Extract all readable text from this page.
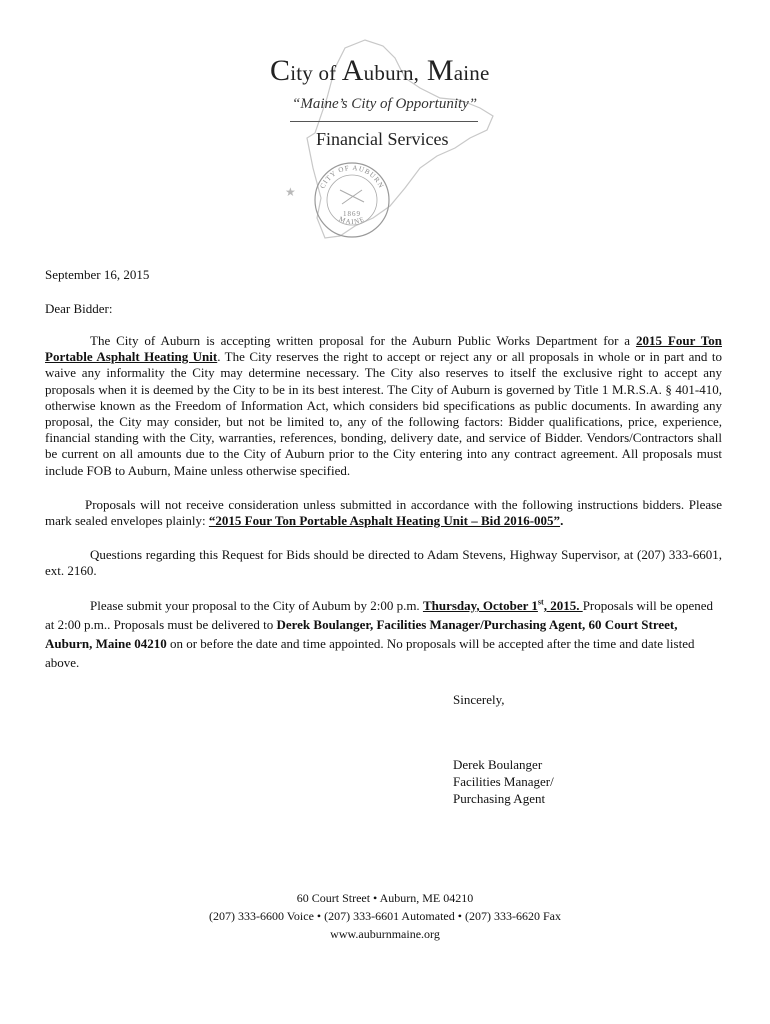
★	CITY OF AUBURN
MAINE
1869
City of Auburn, Maine
“Maine’s City of Opportunity”
Financial Services
September 16, 2015
Dear Bidder:
The City of Auburn is accepting written proposal for the Auburn Public Works Department for a 2015 Four Ton Portable Asphalt Heating Unit. The City reserves the right to accept or reject any or all proposals in whole or in part and to waive any informality the City may determine necessary. The City also reserves to itself the exclusive right to accept any proposals when it is deemed by the City to be in its best interest. The City of Auburn is governed by Title 1 M.R.S.A. § 401-410, otherwise known as the Freedom of Information Act, which considers bid specifications as public documents. In awarding any proposal, the City may consider, but not be limited to, any of the following factors: Bidder qualifications, price, experience, financial standing with the City, warranties, references, bonding, delivery date, and service of Bidder. Vendors/Contractors shall be current on all amounts due to the City of Auburn prior to the City entering into any contract agreement. All proposals must include FOB to Auburn, Maine unless otherwise specified.
Proposals will not receive consideration unless submitted in accordance with the following instructions bidders. Please mark sealed envelopes plainly: “2015 Four Ton Portable Asphalt Heating Unit – Bid 2016-005”.
Questions regarding this Request for Bids should be directed to Adam Stevens, Highway Supervisor, at (207) 333-6601, ext. 2160.
Please submit your proposal to the City of Aubum by 2:00 p.m. Thursday, October 1st, 2015. Proposals will be opened at 2:00 p.m.. Proposals must be delivered to Derek Boulanger, Facilities Manager/Purchasing Agent, 60 Court Street, Auburn, Maine 04210 on or before the date and time appointed. No proposals will be accepted after the time and date listed above.
Sincerely,
Derek Boulanger
Facilities Manager/
Purchasing Agent
60 Court Street • Auburn, ME 04210
(207) 333-6600 Voice • (207) 333-6601 Automated • (207) 333-6620 Fax
www.auburnmaine.org
